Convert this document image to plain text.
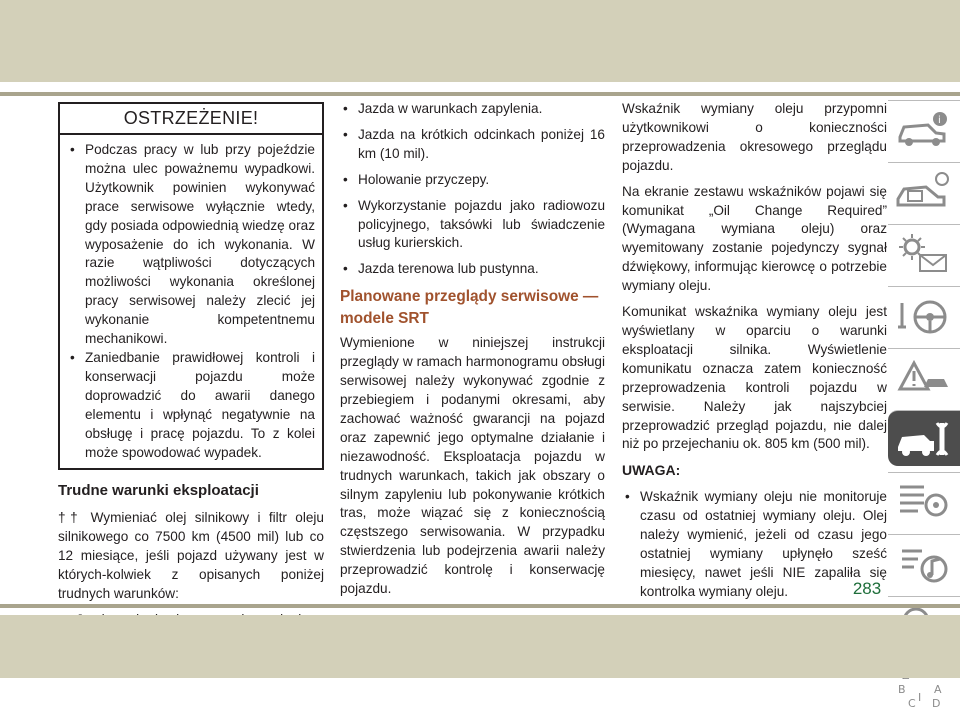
OSTRZEŻENIE!
• Podczas pracy w lub przy pojeździe można ulec poważnemu wypadkowi. Użytkownik powinien wykonywać prace serwisowe wyłącznie wtedy, gdy posiada odpowiednią wiedzę oraz wyposażenie do ich wykonania. W razie wątpliwości dotyczących możliwości wykonania określonej pracy serwisowej należy zlecić jej wykonanie kompetentnemu mechanikowi.
• Zaniedbanie prawidłowej kontroli i konserwacji pojazdu może doprowadzić do awarii danego elementu i wpłynąć negatywnie na obsługę i pracę pojazdu. To z kolei może spowodować wypadek.
Trudne warunki eksploatacji

†† Wymieniać olej silnikowy i filtr oleju silnikowego co 7500 km (4500 mil) lub co 12 miesiące, jeśli pojazd używany jest w których-kolwiek z opisanych poniżej trudnych warunków:

•
• Jazda w warunkach zapylenia.
• Jazda na krótkich odcinkach poniżej 16 km (10 mil).
• Holowanie przyczepy.
• Wykorzystanie pojazdu jako radiowozu policyjnego, taksówki lub świadczenie usług kurierskich.
• Jazda terenowa lub pustynna.
Planowane przeglądy serwisowe —
modele SRT

Wymienione w niniejszej instrukcji przeglądy w ramach harmonogramu obsługi serwisowej należy wykonywać zgodnie z przebiegiem i podanymi okresami, aby zachować ważność gwarancji na pojazd oraz zapewnić jego optymalne działanie i niezawodność. Eksploatacja pojazdu w trudnych warunkach, takich jak obszary o silnym zapyleniu lub pokonywanie krótkich tras, może wiązać się z koniecznością częstszego serwisowania. W przypadku stwierdzenia lub podejrzenia awarii należy przeprowadzić kontrolę i konserwację pojazdu.

Wskaźnik wymiany oleju przypomni użytkownikowi o konieczności przeprowadzenia okresowego przeglądu pojazdu.

Na ekranie zestawu wskaźników pojawi się komunikat „Oil Change Required” (Wymagana wymiana oleju) oraz wyemitowany zostanie pojedynczy sygnał dźwiękowy, informując kierowcę o potrzebie wymiany oleju.

Komunikat wskaźnika wymiany oleju jest wyświetlany w oparciu o warunki eksploatacji silnika. Wyświetlenie komunikatu oznacza zatem konieczność przeprowadzenia kontroli pojazdu w serwisie. Należy jak najszybciej przeprowadzić przegląd pojazdu, nie dalej niż po przejechaniu ok. 805 km (500 mil).

UWAGA:
• Wskaźnik wymiany oleju nie monitoruje czasu od ostatniej wymiany oleju. Olej należy wymienić, jeżeli od czasu jego ostatniej wymiany upłynęło sześć miesięcy, nawet jeśli NIE zapaliła się kontrolka wymiany oleju.
i
B	A
C D
I
283
